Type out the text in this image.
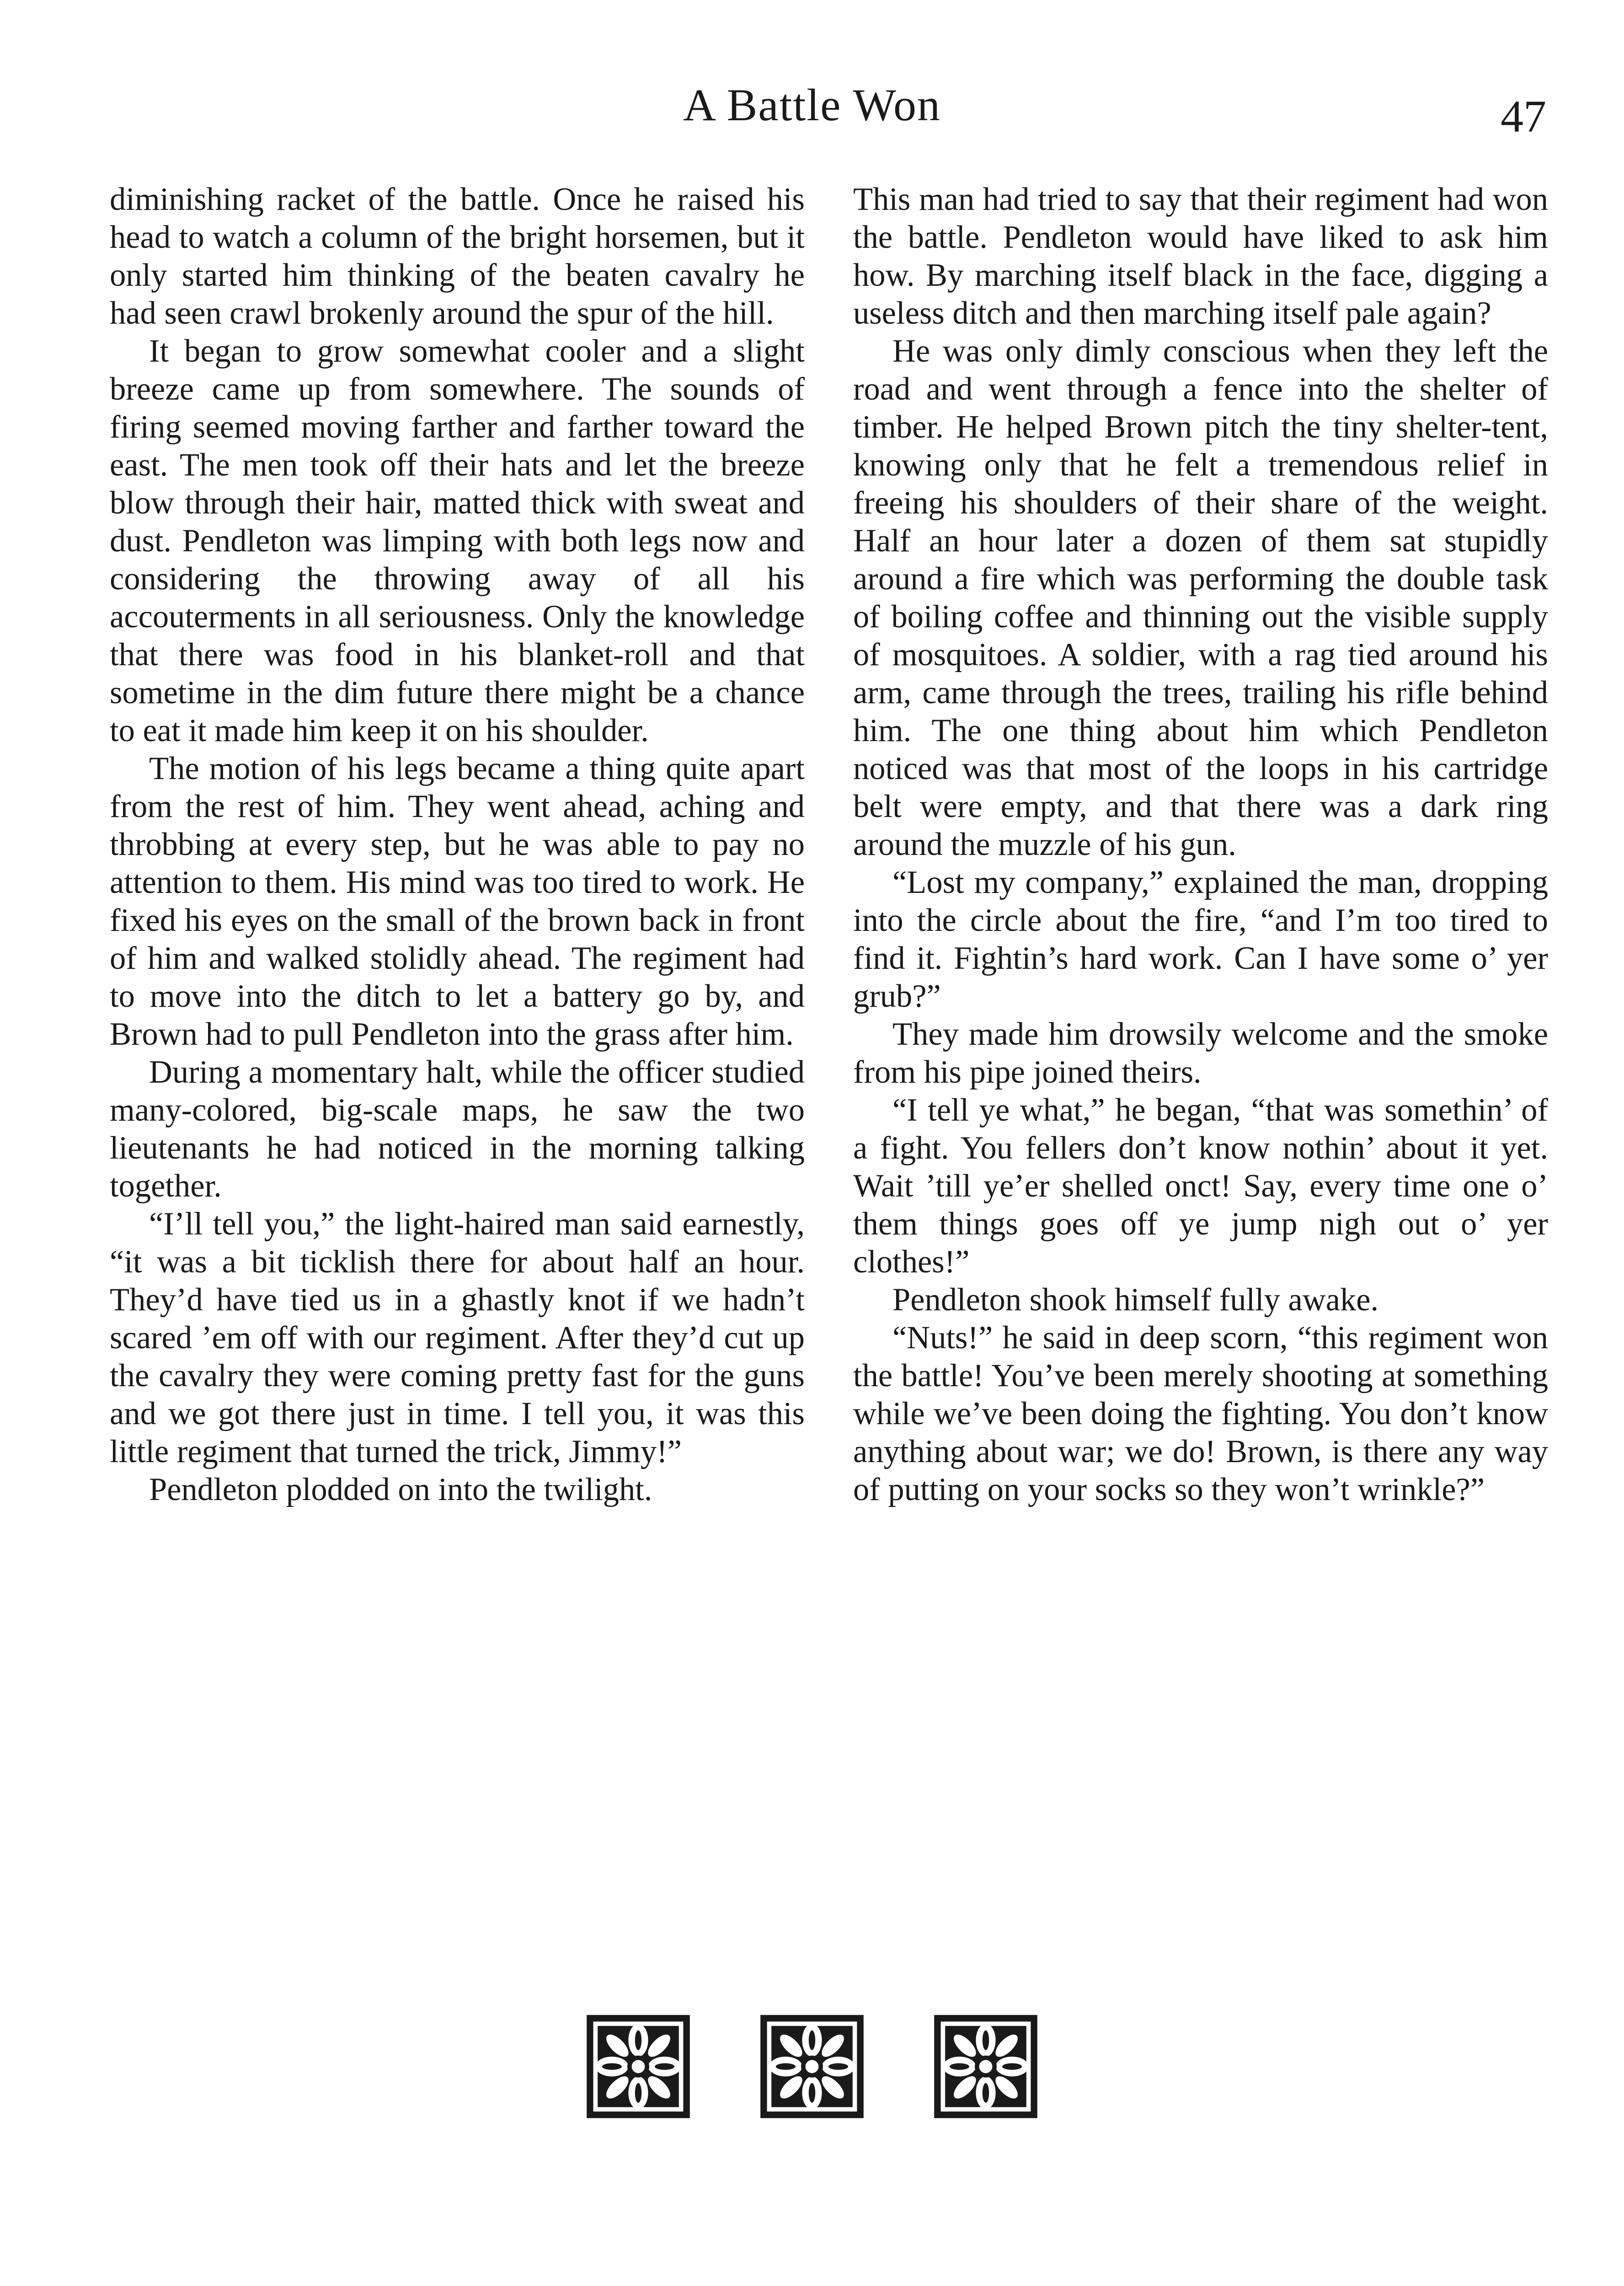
A Battle Won	47

diminishing racket of the battle. Once he raised his head to watch a column of the bright horsemen, but it only started him thinking of the beaten cavalry he had seen crawl brokenly around the spur of the hill.

It began to grow somewhat cooler and a slight breeze came up from somewhere. The sounds of firing seemed moving farther and farther toward the east. The men took off their hats and let the breeze blow through their hair, matted thick with sweat and dust. Pendleton was limping with both legs now and considering the throwing away of all his accouterments in all seriousness. Only the knowledge that there was food in his blanket-roll and that sometime in the dim future there might be a chance to eat it made him keep it on his shoulder.

The motion of his legs became a thing quite apart from the rest of him. They went ahead, aching and throbbing at every step, but he was able to pay no attention to them. His mind was too tired to work. He fixed his eyes on the small of the brown back in front of him and walked stolidly ahead. The regiment had to move into the ditch to let a battery go by, and Brown had to pull Pendleton into the grass after him.

During a momentary halt, while the officer studied many-colored, big-scale maps, he saw the two lieutenants he had noticed in the morning talking together.

“I’ll tell you,” the light-haired man said earnestly, “it was a bit ticklish there for about half an hour. They’d have tied us in a ghastly knot if we hadn’t scared ’em off with our regiment. After they’d cut up the cavalry they were coming pretty fast for the guns and we got there just in time. I tell you, it was this little regiment that turned the trick, Jimmy!”

Pendleton plodded on into the twilight.

This man had tried to say that their regiment had won the battle. Pendleton would have liked to ask him how. By marching itself black in the face, digging a useless ditch and then marching itself pale again?

He was only dimly conscious when they left the road and went through a fence into the shelter of timber. He helped Brown pitch the tiny shelter-tent, knowing only that he felt a tremendous relief in freeing his shoulders of their share of the weight. Half an hour later a dozen of them sat stupidly around a fire which was performing the double task of boiling coffee and thinning out the visible supply of mosquitoes. A soldier, with a rag tied around his arm, came through the trees, trailing his rifle behind him. The one thing about him which Pendleton noticed was that most of the loops in his cartridge belt were empty, and that there was a dark ring around the muzzle of his gun.

“Lost my company,” explained the man, dropping into the circle about the fire, “and I’m too tired to find it. Fightin’s hard work. Can I have some o’ yer grub?”

They made him drowsily welcome and the smoke from his pipe joined theirs.

“I tell ye what,” he began, “that was somethin’ of a fight. You fellers don’t know nothin’ about it yet. Wait ’till ye’er shelled onct! Say, every time one o’ them things goes off ye jump nigh out o’ yer clothes!”

Pendleton shook himself fully awake.

“Nuts!” he said in deep scorn, “this regiment won the battle! You’ve been merely shooting at something while we’ve been doing the fighting. You don’t know anything about war; we do! Brown, is there any way of putting on your socks so they won’t wrinkle?”
